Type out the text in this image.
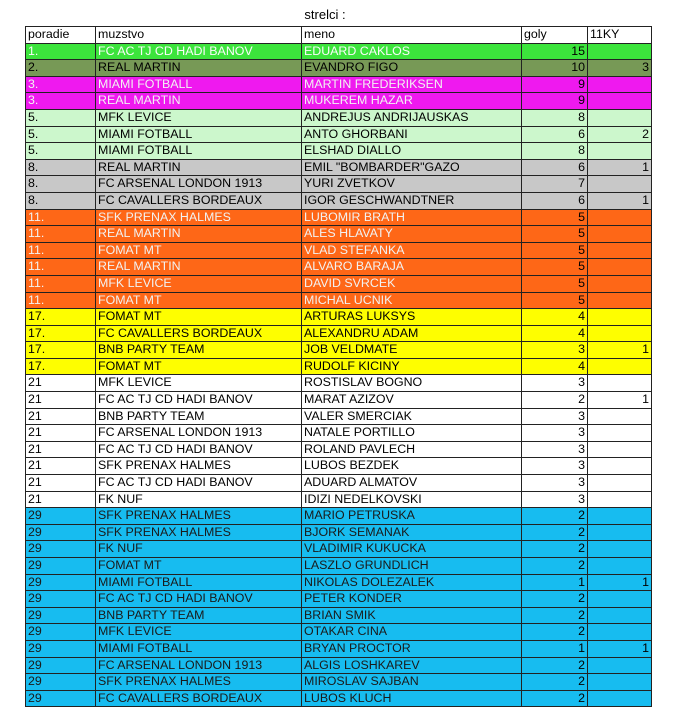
strelci :
poradie	muzstvo	meno	goly	11KY
1.	FC AC TJ CD HADI BANOV	EDUARD CAKLOS	15	
2.	REAL MARTIN	EVANDRO FIGO	10	3
3.	MIAMI FOTBALL	MARTIN FREDERIKSEN	9	
3.	REAL MARTIN	MUKEREM HAZAR	9	
5.	MFK LEVICE	ANDREJUS ANDRIJAUSKAS	8	
5.	MIAMI FOTBALL	ANTO GHORBANI	6	2
5.	MIAMI FOTBALL	ELSHAD DIALLO	8	
8.	REAL MARTIN	EMIL "BOMBARDER"GAZO	6	1
8.	FC ARSENAL LONDON 1913	YURI ZVETKOV	7	
8.	FC CAVALLERS BORDEAUX	IGOR GESCHWANDTNER	6	1
11.	SFK PRENAX HALMES	LUBOMIR BRATH	5	
11.	REAL MARTIN	ALES HLAVATY	5	
11.	FOMAT MT	VLAD STEFANKA	5	
11.	REAL MARTIN	ALVARO BARAJA	5	
11.	MFK LEVICE	DAVID SVRCEK	5	
11.	FOMAT MT	MICHAL UCNIK	5	
17.	FOMAT MT	ARTURAS LUKSYS	4	
17.	FC CAVALLERS BORDEAUX	ALEXANDRU ADAM	4	
17.	BNB PARTY TEAM	JOB VELDMATE	3	1
17.	FOMAT MT	RUDOLF KICINY	4	
21	MFK LEVICE	ROSTISLAV BOGNO	3	
21	FC AC TJ CD HADI BANOV	MARAT AZIZOV	2	1
21	BNB PARTY TEAM	VALER SMERCIAK	3	
21	FC ARSENAL LONDON 1913	NATALE PORTILLO	3	
21	FC AC TJ CD HADI BANOV	ROLAND PAVLECH	3	
21	SFK PRENAX HALMES	LUBOS BEZDEK	3	
21	FC AC TJ CD HADI BANOV	ADUARD ALMATOV	3	
21	FK NUF	IDIZI NEDELKOVSKI	3	
29	SFK PRENAX HALMES	MARIO PETRUSKA	2	
29	SFK PRENAX HALMES	BJORK SEMANAK	2	
29	FK NUF	VLADIMIR KUKUCKA	2	
29	FOMAT MT	LASZLO GRUNDLICH	2	
29	MIAMI FOTBALL	NIKOLAS DOLEZALEK	1	1
29	FC AC TJ CD HADI BANOV	PETER KONDER	2	
29	BNB PARTY TEAM	BRIAN SMIK	2	
29	MFK LEVICE	OTAKAR CINA	2	
29	MIAMI FOTBALL	BRYAN PROCTOR	1	1
29	FC ARSENAL LONDON 1913	ALGIS LOSHKAREV	2	
29	SFK PRENAX HALMES	MIROSLAV SAJBAN	2	
29	FC CAVALLERS BORDEAUX	LUBOS KLUCH	2	
